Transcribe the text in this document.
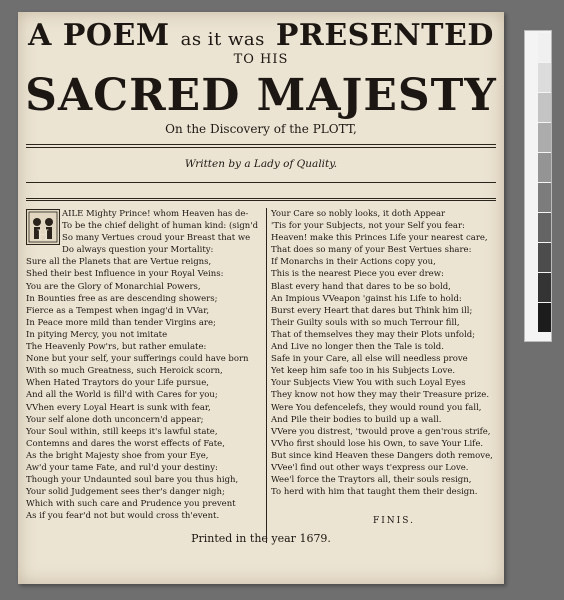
A POEM as it was PRESENTED
TO HIS
SACRED MAJESTY
On the Discovery of the PLOTT,
Written by a Lady of Quality.
H
AILE Mighty Prince! whom Heaven has de-
To be the chief delight of human kind: (sign'd
So many Vertues croud your Breast that we
Do always question your Mortality:
Sure all the Planets that are Vertue reigns,
Shed their best Influence in your Royal Veins:
You are the Glory of Monarchial Powers,
In Bounties free as are descending showers;
Fierce as a Tempest when ingag'd in VVar,
In Peace more mild than tender Virgins are;
In pitying Mercy, you not imitate
The Heavenly Pow'rs, but rather emulate:
None but your self, your sufferings could have born
With so much Greatness, such Heroick scorn,
When Hated Traytors do your Life pursue,
And all the World is fill'd with Cares for you;
VVhen every Loyal Heart is sunk with fear,
Your self alone doth unconcern'd appear;
Your Soul within, still keeps it's lawful state,
Contemns and dares the worst effects of Fate,
As the bright Majesty shoe from your Eye,
Aw'd your tame Fate, and rul'd your destiny:
Though your Undaunted soul bare you thus high,
Your solid Judgement sees ther's danger nigh;
Which with such care and Prudence you prevent
As if you fear'd not but would cross th'event.
Your Care so nobly looks, it doth Appear
'Tis for your Subjects, not your Self you fear:
Heaven! make this Princes Life your nearest care,
That does so many of your Best Vertues share:
If Monarchs in their Actions copy you,
This is the nearest Piece you ever drew:
Blast every hand that dares to be so bold,
An Impious VVeapon 'gainst his Life to hold:
Burst every Heart that dares but Think him ill;
Their Guilty souls with so much Terrour fill,
That of themselves they may their Plots unfold;
And Live no longer then the Tale is told.
Safe in your Care, all else will needless prove
Yet keep him safe too in his Subjects Love.
Your Subjects View You with such Loyal Eyes
They know not how they may their Treasure prize.
Were You defencelefs, they would round you fall,
And Pile their bodies to build up a wall.
VVere you distrest, 'twould prove a gen'rous strife,
VVho first should lose his Own, to save Your Life.
But since kind Heaven these Dangers doth remove,
VVee'l find out other ways t'express our Love.
Wee'l force the Traytors all, their souls resign,
To herd with him that taught them their design.
FINIS.
Printed in the year 1679.
